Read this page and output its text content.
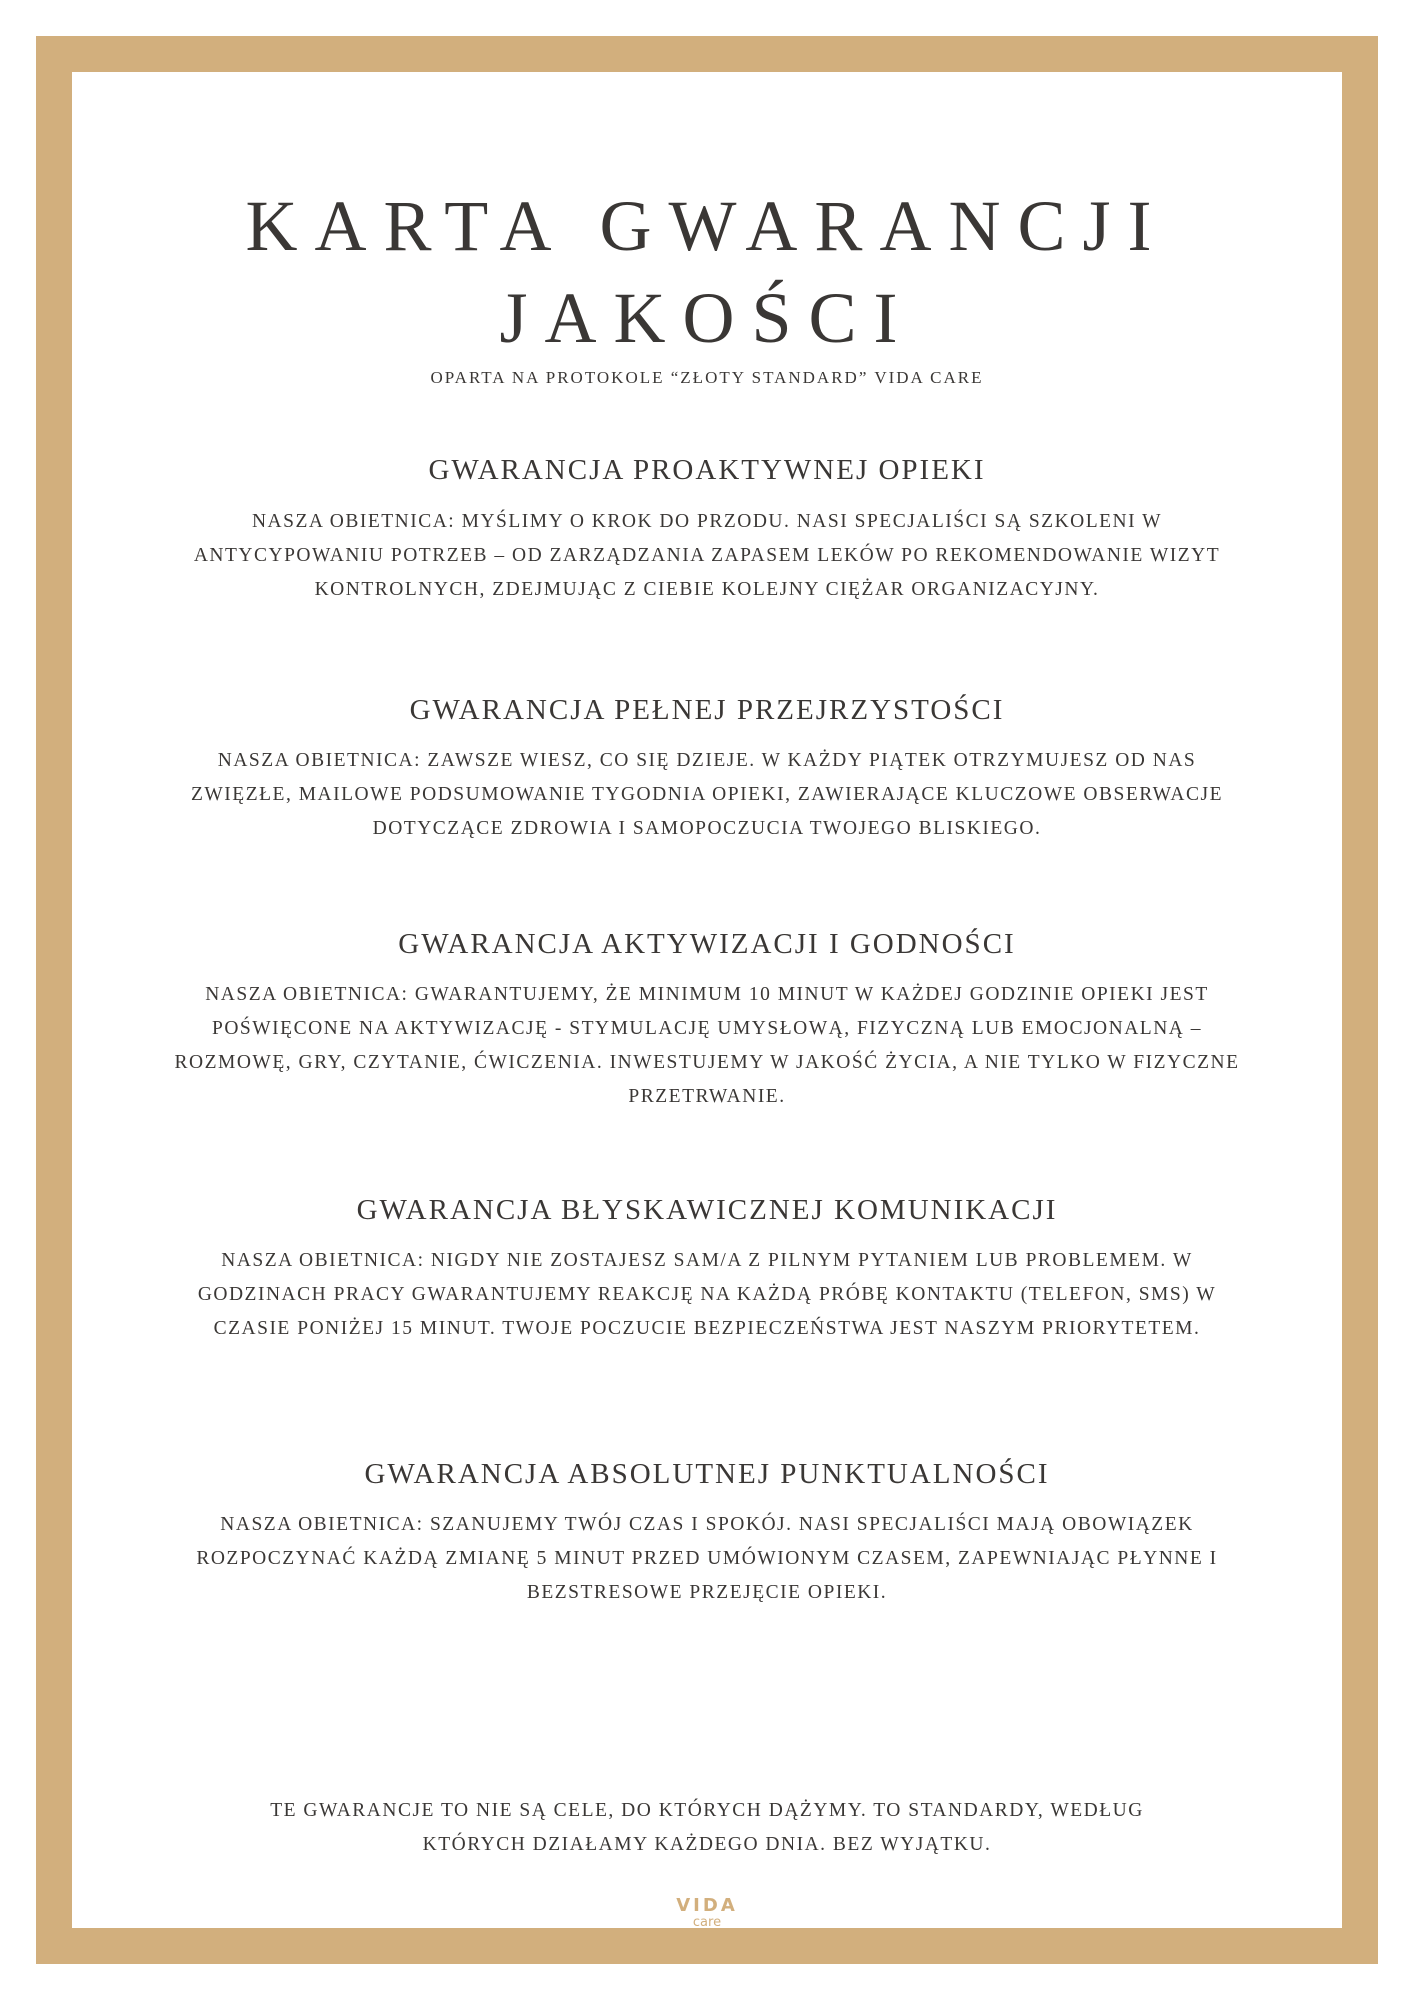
KARTA GWARANCJI
JAKOŚCI
OPARTA NA PROTOKOLE “ZŁOTY STANDARD” VIDA CARE
GWARANCJA PROAKTYWNEJ OPIEKI

NASZA OBIETNICA: MYŚLIMY O KROK DO PRZODU. NASI SPECJALIŚCI SĄ SZKOLENI W ANTYCYPOWANIU POTRZEB – OD ZARZĄDZANIA ZAPASEM LEKÓW PO REKOMENDOWANIE WIZYT KONTROLNYCH, ZDEJMUJĄC Z CIEBIE KOLEJNY CIĘŻAR ORGANIZACYJNY.

GWARANCJA PEŁNEJ PRZEJRZYSTOŚCI

NASZA OBIETNICA: ZAWSZE WIESZ, CO SIĘ DZIEJE. W KAŻDY PIĄTEK OTRZYMUJESZ OD NAS ZWIĘZŁE, MAILOWE PODSUMOWANIE TYGODNIA OPIEKI, ZAWIERAJĄCE KLUCZOWE OBSERWACJE DOTYCZĄCE ZDROWIA I SAMOPOCZUCIA TWOJEGO BLISKIEGO.

GWARANCJA AKTYWIZACJI I GODNOŚCI

NASZA OBIETNICA: GWARANTUJEMY, ŻE MINIMUM 10 MINUT W KAŻDEJ GODZINIE OPIEKI JEST POŚWIĘCONE NA AKTYWIZACJĘ - STYMULACJĘ UMYSŁOWĄ, FIZYCZNĄ LUB EMOCJONALNĄ – ROZMOWĘ, GRY, CZYTANIE, ĆWICZENIA. INWESTUJEMY W JAKOŚĆ ŻYCIA, A NIE TYLKO W FIZYCZNE PRZETRWANIE.

GWARANCJA BŁYSKAWICZNEJ KOMUNIKACJI

NASZA OBIETNICA: NIGDY NIE ZOSTAJESZ SAM/A Z PILNYM PYTANIEM LUB PROBLEMEM. W GODZINACH PRACY GWARANTUJEMY REAKCJĘ NA KAŻDĄ PRÓBĘ KONTAKTU (TELEFON, SMS) W CZASIE PONIŻEJ 15 MINUT. TWOJE POCZUCIE BEZPIECZEŃSTWA JEST NASZYM PRIORYTETEM.

GWARANCJA ABSOLUTNEJ PUNKTUALNOŚCI

NASZA OBIETNICA: SZANUJEMY TWÓJ CZAS I SPOKÓJ. NASI SPECJALIŚCI MAJĄ OBOWIĄZEK ROZPOCZYNAĆ KAŻDĄ ZMIANĘ 5 MINUT PRZED UMÓWIONYM CZASEM, ZAPEWNIAJĄC PŁYNNE I BEZSTRESOWE PRZEJĘCIE OPIEKI.

TE GWARANCJE TO NIE SĄ CELE, DO KTÓRYCH DĄŻYMY. TO STANDARDY, WEDŁUG KTÓRYCH DZIAŁAMY KAŻDEGO DNIA. BEZ WYJĄTKU.

VIDA
care
